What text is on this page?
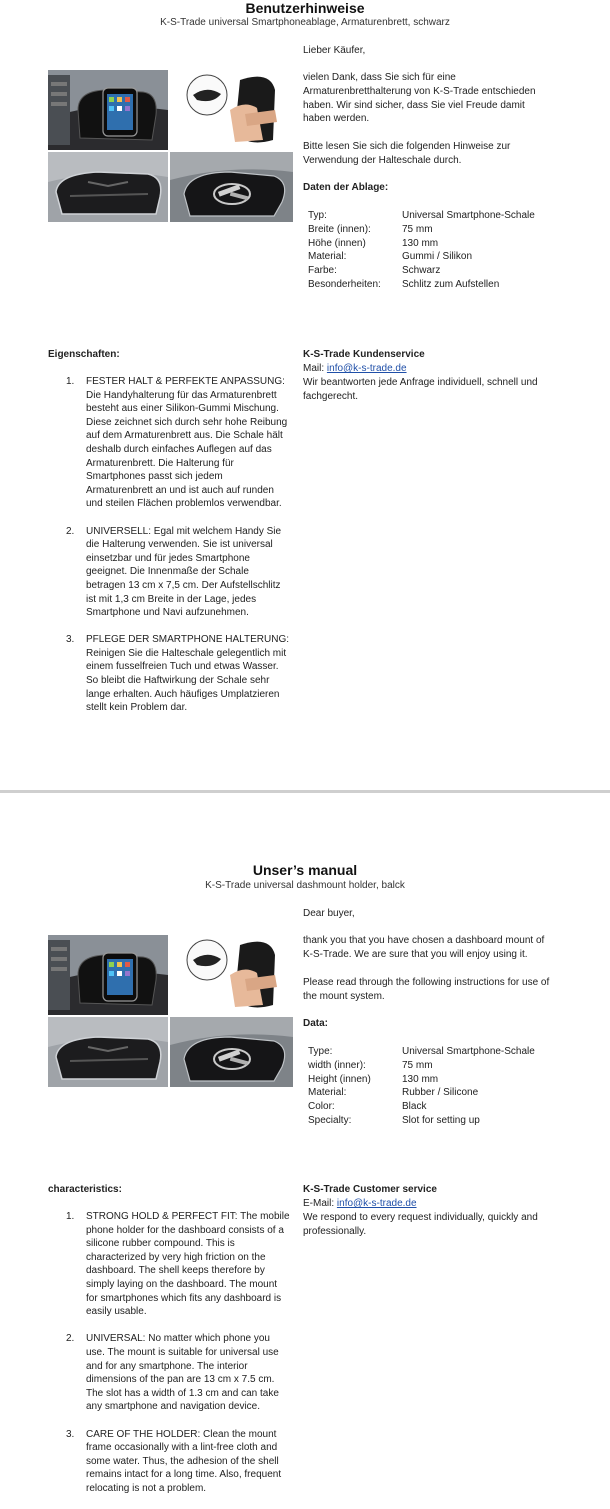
Benutzerhinweise
K-S-Trade universal Smartphoneablage, Armaturenbrett, schwarz
Lieber Käufer,
vielen Dank, dass Sie sich für eine Armaturenbretthalterung von K-S-Trade entschieden haben. Wir sind sicher, dass Sie viel Freude damit haben werden.
Bitte lesen Sie sich die folgenden Hinweise zur Verwendung der Halteschale durch.
Daten der Ablage:
Typ:	Universal Smartphone-Schale
Breite (innen):	75 mm
Höhe (innen)	130 mm
Material:	Gummi / Silikon
Farbe:	Schwarz
Besonderheiten:	Schlitz zum Aufstellen
Eigenschaften:
1. FESTER HALT & PERFEKTE ANPASSUNG: Die Handyhalterung für das Armaturenbrett besteht aus einer Silikon-Gummi Mischung. Diese zeichnet sich durch sehr hohe Reibung auf dem Armaturenbrett aus. Die Schale hält deshalb durch einfaches Auflegen auf das Armaturenbrett. Die Halterung für Smartphones passt sich jedem Armaturenbrett an und ist auch auf runden und steilen Flächen problemlos verwendbar.
2. UNIVERSELL: Egal mit welchem Handy Sie die Halterung verwenden. Sie ist universal einsetzbar und für jedes Smartphone geeignet. Die Innenmaße der Schale betragen 13 cm x 7,5 cm. Der Aufstellschlitz ist mit 1,3 cm Breite in der Lage, jedes Smartphone und Navi aufzunehmen.
3. PFLEGE DER SMARTPHONE HALTERUNG: Reinigen Sie die Halteschale gelegentlich mit einem fusselfreien Tuch und etwas Wasser. So bleibt die Haftwirkung der Schale sehr lange erhalten. Auch häufiges Umplatzieren stellt kein Problem dar.
K-S-Trade Kundenservice
Mail: info@k-s-trade.de
Wir beantworten jede Anfrage individuell, schnell und fachgerecht.
Unser’s manual
K-S-Trade universal dashmount holder, balck
Dear buyer,
thank you that you have chosen a dashboard mount of K-S-Trade. We are sure that you will enjoy using it.
Please read through the following instructions for use of the mount system.
Data:
Type:	Universal Smartphone-Schale
width (inner):	75 mm
Height (innen)	130 mm
Material:	Rubber / Silicone
Color:	Black
Specialty:	Slot for setting up
characteristics:
1. STRONG HOLD & PERFECT FIT: The mobile phone holder for the dashboard consists of a silicone rubber compound. This is characterized by very high friction on the dashboard. The shell keeps therefore by simply laying on the dashboard. The mount for smartphones which fits any dashboard is easily usable.
2. UNIVERSAL: No matter which phone you use. The mount is suitable for universal use and for any smartphone. The interior dimensions of the pan are 13 cm x 7.5 cm. The slot has a width of 1.3 cm and can take any smartphone and navigation device.
3. CARE OF THE HOLDER: Clean the mount frame occasionally with a lint-free cloth and some water. Thus, the adhesion of the shell remains intact for a long time. Also, frequent relocating is not a problem.
K-S-Trade Customer service
E-Mail: info@k-s-trade.de
We respond to every request individually, quickly and professionally.
